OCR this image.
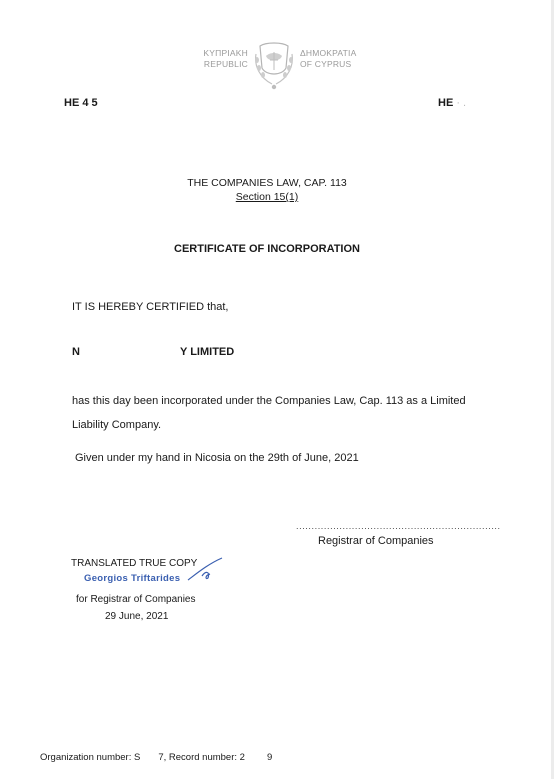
ΚΥΠΡΙΑΚΗ
REPUBLIC
ΔΗΜΟΚΡΑΤΙΑ
OF CYPRUS
HE 4 5	HE · .
THE COMPANIES LAW, CAP. 113
Section 15(1)
CERTIFICATE OF INCORPORATION
IT IS HEREBY CERTIFIED that,
N	Y LIMITED
has this day been incorporated under the Companies Law, Cap. 113 as a Limited
Liability Company.
Given under my hand in Nicosia on the 29th of June, 2021
..................................................................
Registrar of Companies
TRANSLATED TRUE COPY
Georgios Triftarides
for Registrar of Companies
29 June, 2021
Organization number: S 7, Record number: 2 9
